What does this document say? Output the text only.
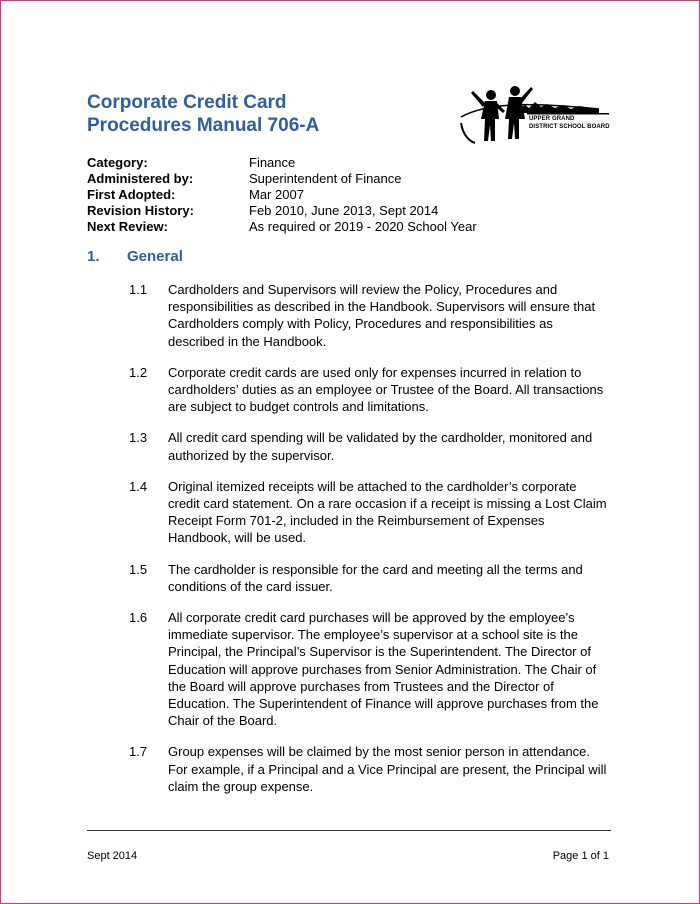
Corporate Credit Card
Procedures Manual 706-A	UPPER GRAND
DISTRICT SCHOOL BOARD
Category:	Finance
Administered by:	Superintendent of Finance
First Adopted:	Mar 2007
Revision History:	Feb 2010, June 2013, Sept 2014
Next Review:	As required or 2019 - 2020 School Year
1. General
1.1	Cardholders and Supervisors will review the Policy, Procedures and responsibilities as described in the Handbook. Supervisors will ensure that Cardholders comply with Policy, Procedures and responsibilities as described in the Handbook.
1.2	Corporate credit cards are used only for expenses incurred in relation to cardholders’ duties as an employee or Trustee of the Board. All transactions are subject to budget controls and limitations.
1.3	All credit card spending will be validated by the cardholder, monitored and authorized by the supervisor.
1.4	Original itemized receipts will be attached to the cardholder’s corporate credit card statement. On a rare occasion if a receipt is missing a Lost Claim Receipt Form 701-2, included in the Reimbursement of Expenses Handbook, will be used.
1.5	The cardholder is responsible for the card and meeting all the terms and conditions of the card issuer.
1.6	All corporate credit card purchases will be approved by the employee’s immediate supervisor. The employee’s supervisor at a school site is the Principal, the Principal’s Supervisor is the Superintendent. The Director of Education will approve purchases from Senior Administration. The Chair of the Board will approve purchases from Trustees and the Director of Education. The Superintendent of Finance will approve purchases from the Chair of the Board.
1.7	Group expenses will be claimed by the most senior person in attendance. For example, if a Principal and a Vice Principal are present, the Principal will claim the group expense.
Sept 2014	Page 1 of 1
